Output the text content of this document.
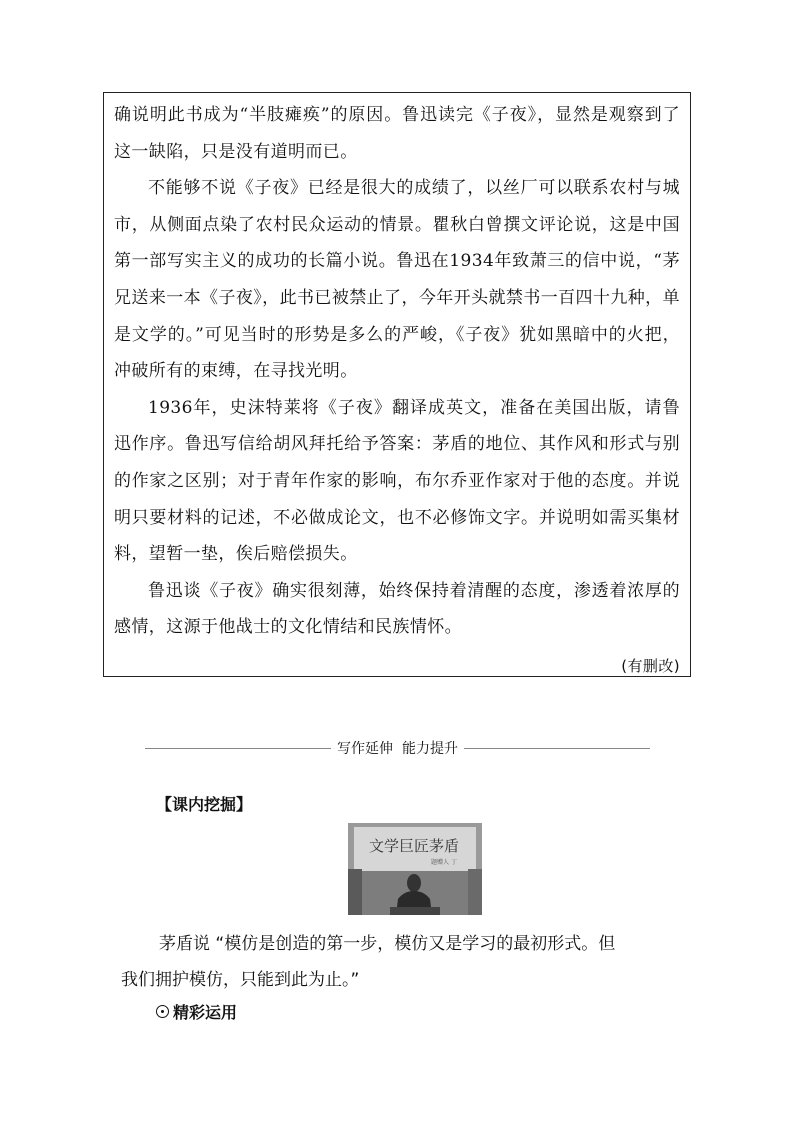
确说明此书成为“半肢瘫痪”的原因。鲁迅读完《子夜》，显然是观察到了这一缺陷，只是没有道明而已。

不能够不说《子夜》已经是很大的成绩了，以丝厂可以联系农村与城市，从侧面点染了农村民众运动的情景。瞿秋白曾撰文评论说，这是中国第一部写实主义的成功的长篇小说。鲁迅在1934年致萧三的信中说，“茅兄送来一本《子夜》，此书已被禁止了，今年开头就禁书一百四十九种，单是文学的。”可见当时的形势是多么的严峻，《子夜》犹如黑暗中的火把，冲破所有的束缚，在寻找光明。

1936年，史沫特莱将《子夜》翻译成英文，准备在美国出版，请鲁迅作序。鲁迅写信给胡风拜托给予答案：茅盾的地位、其作风和形式与别的作家之区别；对于青年作家的影响，布尔乔亚作家对于他的态度。并说明只要材料的记述，不必做成论文，也不必修饰文字。并说明如需买集材料，望暂一垫，俟后赔偿损失。

鲁迅谈《子夜》确实很刻薄，始终保持着清醒的态度，渗透着浓厚的感情，这源于他战士的文化情结和民族情怀。

(有删改)

写作延伸  能力提升
【课内挖掘】
文学巨匠茅盾
题赠人 丁
茅盾说 “模仿是创造的第一步，模仿又是学习的最初形式。但
我们拥护模仿，只能到此为止。”
精彩运用
